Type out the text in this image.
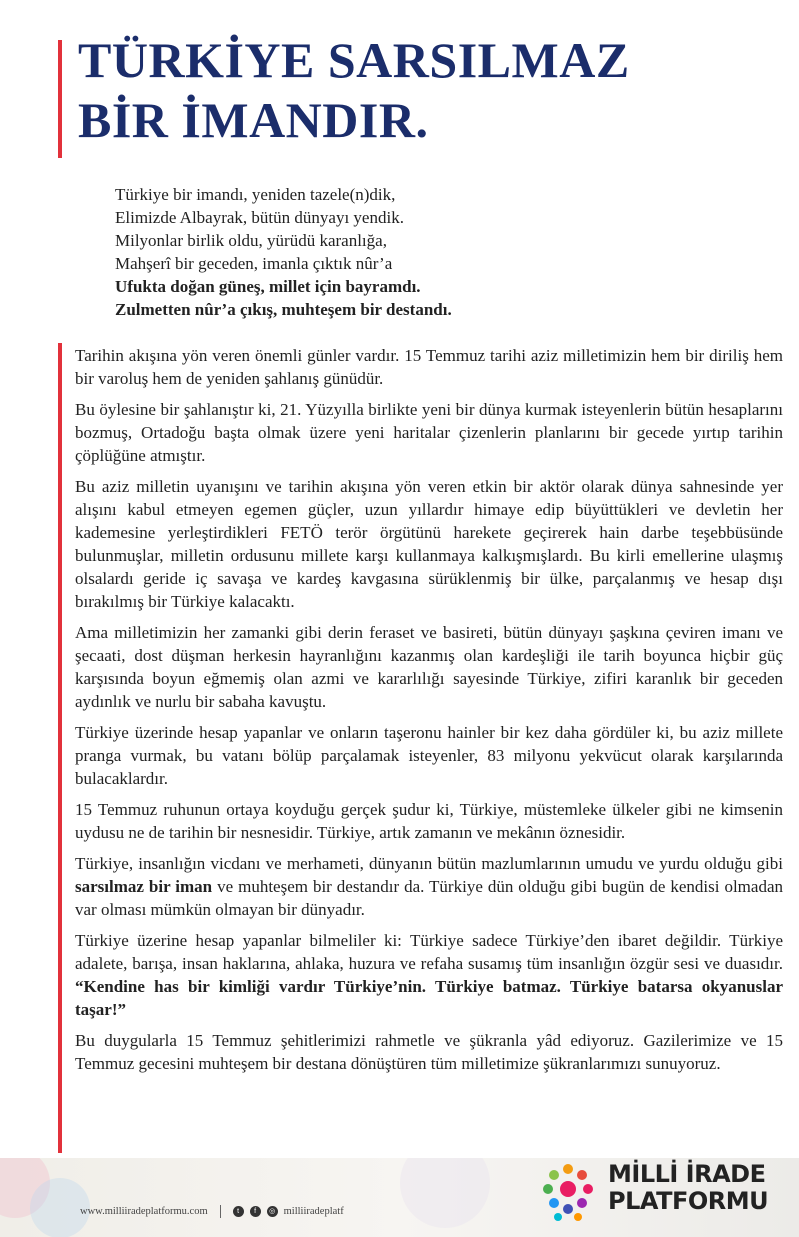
TÜRKİYE SARSILMAZ
BİR İMANDIR.
Türkiye bir imandı, yeniden tazele(n)dik,
Elimizde Albayrak, bütün dünyayı yendik.
Milyonlar birlik oldu, yürüdü karanlığa,
Mahşerî bir geceden, imanla çıktık nûr’a
Ufukta doğan güneş, millet için bayramdı.
Zulmetten nûr’a çıkış, muhteşem bir destandı.

Tarihin akışına yön veren önemli günler vardır. 15 Temmuz tarihi aziz milletimizin hem bir diriliş hem bir varoluş hem de yeniden şahlanış günüdür.

Bu öylesine bir şahlanıştır ki, 21. Yüzyılla birlikte yeni bir dünya kurmak isteyenlerin bütün hesaplarını bozmuş, Ortadoğu başta olmak üzere yeni haritalar çizenlerin planlarını bir gecede yırtıp tarihin çöplüğüne atmıştır.

Bu aziz milletin uyanışını ve tarihin akışına yön veren etkin bir aktör olarak dünya sahnesinde yer alışını kabul etmeyen egemen güçler, uzun yıllardır himaye edip büyüttükleri ve devletin her kademesine yerleştirdikleri FETÖ terör örgütünü harekete geçirerek hain darbe teşebbüsünde bulunmuşlar, milletin ordusunu millete karşı kullanmaya kalkışmışlardı. Bu kirli emellerine ulaşmış olsalardı geride iç savaşa ve kardeş kavgasına sürüklenmiş bir ülke, parçalanmış ve hesap dışı bırakılmış bir Türkiye kalacaktı.

Ama milletimizin her zamanki gibi derin feraset ve basireti, bütün dünyayı şaşkına çeviren imanı ve şecaati, dost düşman herkesin hayranlığını kazanmış olan kardeşliği ile tarih boyunca hiçbir güç karşısında boyun eğmemiş olan azmi ve kararlılığı sayesinde Türkiye, zifiri karanlık bir geceden aydınlık ve nurlu bir sabaha kavuştu.

Türkiye üzerinde hesap yapanlar ve onların taşeronu hainler bir kez daha gördüler ki, bu aziz millete pranga vurmak, bu vatanı bölüp parçalamak isteyenler, 83 milyonu yekvücut olarak karşılarında bulacaklardır.

15 Temmuz ruhunun ortaya koyduğu gerçek şudur ki, Türkiye, müstemleke ülkeler gibi ne kimsenin uydusu ne de tarihin bir nesnesidir. Türkiye, artık zamanın ve mekânın öznesidir.

Türkiye, insanlığın vicdanı ve merhameti, dünyanın bütün mazlumlarının umudu ve yurdu olduğu gibi sarsılmaz bir iman ve muhteşem bir destandır da. Türkiye dün olduğu gibi bugün de kendisi olmadan var olması mümkün olmayan bir dünyadır.

Türkiye üzerine hesap yapanlar bilmeliler ki: Türkiye sadece Türkiye’den ibaret değildir. Türkiye adalete, barışa, insan haklarına, ahlaka, huzura ve refaha susamış tüm insanlığın özgür sesi ve duasıdır. “Kendine has bir kimliği vardır Türkiye’nin. Türkiye batmaz. Türkiye batarsa okyanuslar taşar!”

Bu duygularla 15 Temmuz şehitlerimizi rahmetle ve şükranla yâd ediyoruz. Gazilerimize ve 15 Temmuz gecesini muhteşem bir destana dönüştüren tüm milletimize şükranlarımızı sunuyoruz.

www.milliiradeplatformu.com	t	f	◎ milliiradeplatf
MİLLİ İRADE
PLATFORMU
